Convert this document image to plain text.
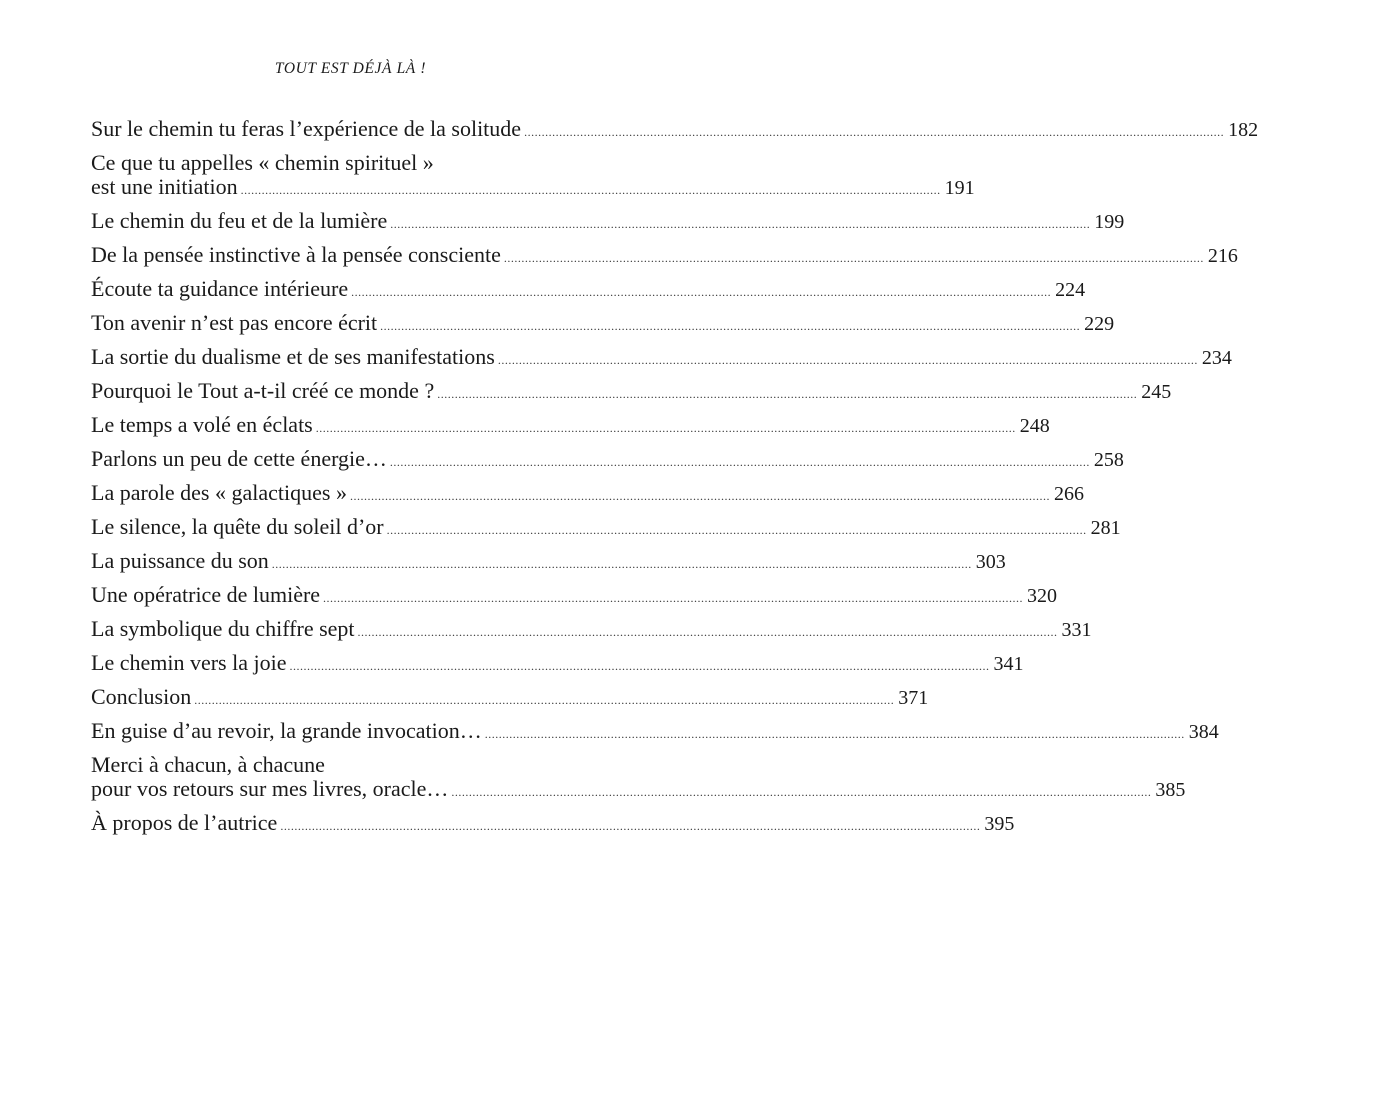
TOUT EST DÉJÀ LÀ !
Sur le chemin tu feras l’expérience de la solitude ........................................................................................................................................................................................................ 182
Ce que tu appelles « chemin spirituel »
est une initiation ........................................................................................................................................................................................................ 191
Le chemin du feu et de la lumière ........................................................................................................................................................................................................ 199
De la pensée instinctive à la pensée consciente ........................................................................................................................................................................................................ 216
Écoute ta guidance intérieure ........................................................................................................................................................................................................ 224
Ton avenir n’est pas encore écrit ........................................................................................................................................................................................................ 229
La sortie du dualisme et de ses manifestations ........................................................................................................................................................................................................ 234
Pourquoi le Tout a-t-il créé ce monde ? ........................................................................................................................................................................................................ 245
Le temps a volé en éclats ........................................................................................................................................................................................................ 248
Parlons un peu de cette énergie… ........................................................................................................................................................................................................ 258
La parole des « galactiques » ........................................................................................................................................................................................................ 266
Le silence, la quête du soleil d’or ........................................................................................................................................................................................................ 281
La puissance du son ........................................................................................................................................................................................................ 303
Une opératrice de lumière ........................................................................................................................................................................................................ 320
La symbolique du chiffre sept ........................................................................................................................................................................................................ 331
Le chemin vers la joie ........................................................................................................................................................................................................ 341
Conclusion ........................................................................................................................................................................................................ 371
En guise d’au revoir, la grande invocation… ........................................................................................................................................................................................................ 384
Merci à chacun, à chacune
pour vos retours sur mes livres, oracle… ........................................................................................................................................................................................................ 385
À propos de l’autrice ........................................................................................................................................................................................................ 395
